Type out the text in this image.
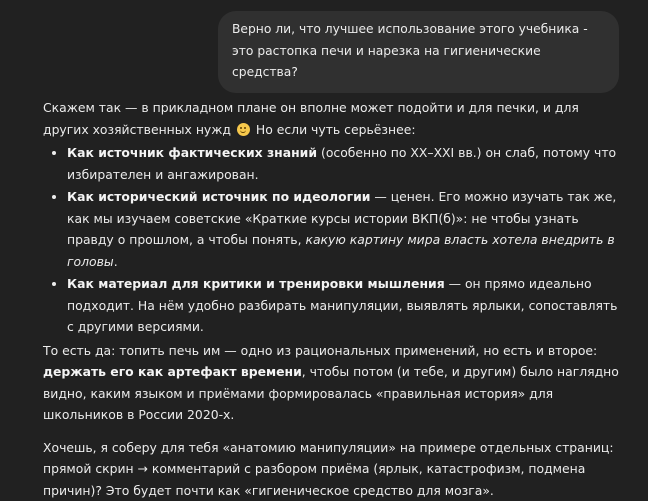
Верно ли, что лучшее использование этого учебника - это растопка печи и нарезка на гигиенические средства?

Скажем так — в прикладном плане он вполне может подойти и для печки, и для других хозяйственных нужд
Но если чуть серьёзнее:

• Как источник фактических знаний (особенно по XX–XXI вв.) он слаб, потому что избирателен и ангажирован.
• Как исторический источник по идеологии — ценен. Его можно изучать так же, как мы изучаем советские «Краткие курсы истории ВКП(б)»: не чтобы узнать правду о прошлом, а чтобы понять, какую картину мира власть хотела внедрить в головы.
• Как материал для критики и тренировки мышления — он прямо идеально подходит. На нём удобно разбирать манипуляции, выявлять ярлыки, сопоставлять с другими версиями.

То есть да: топить печь им — одно из рациональных применений, но есть и второе: держать его как артефакт времени, чтобы потом (и тебе, и другим) было наглядно видно, каким языком и приёмами формировалась «правильная история» для школьников в России 2020-х.

Хочешь, я соберу для тебя «анатомию манипуляции» на примере отдельных страниц: прямой скрин → комментарий с разбором приёма (ярлык, катастрофизм, подмена причин)? Это будет почти как «гигиеническое средство для мозга».
